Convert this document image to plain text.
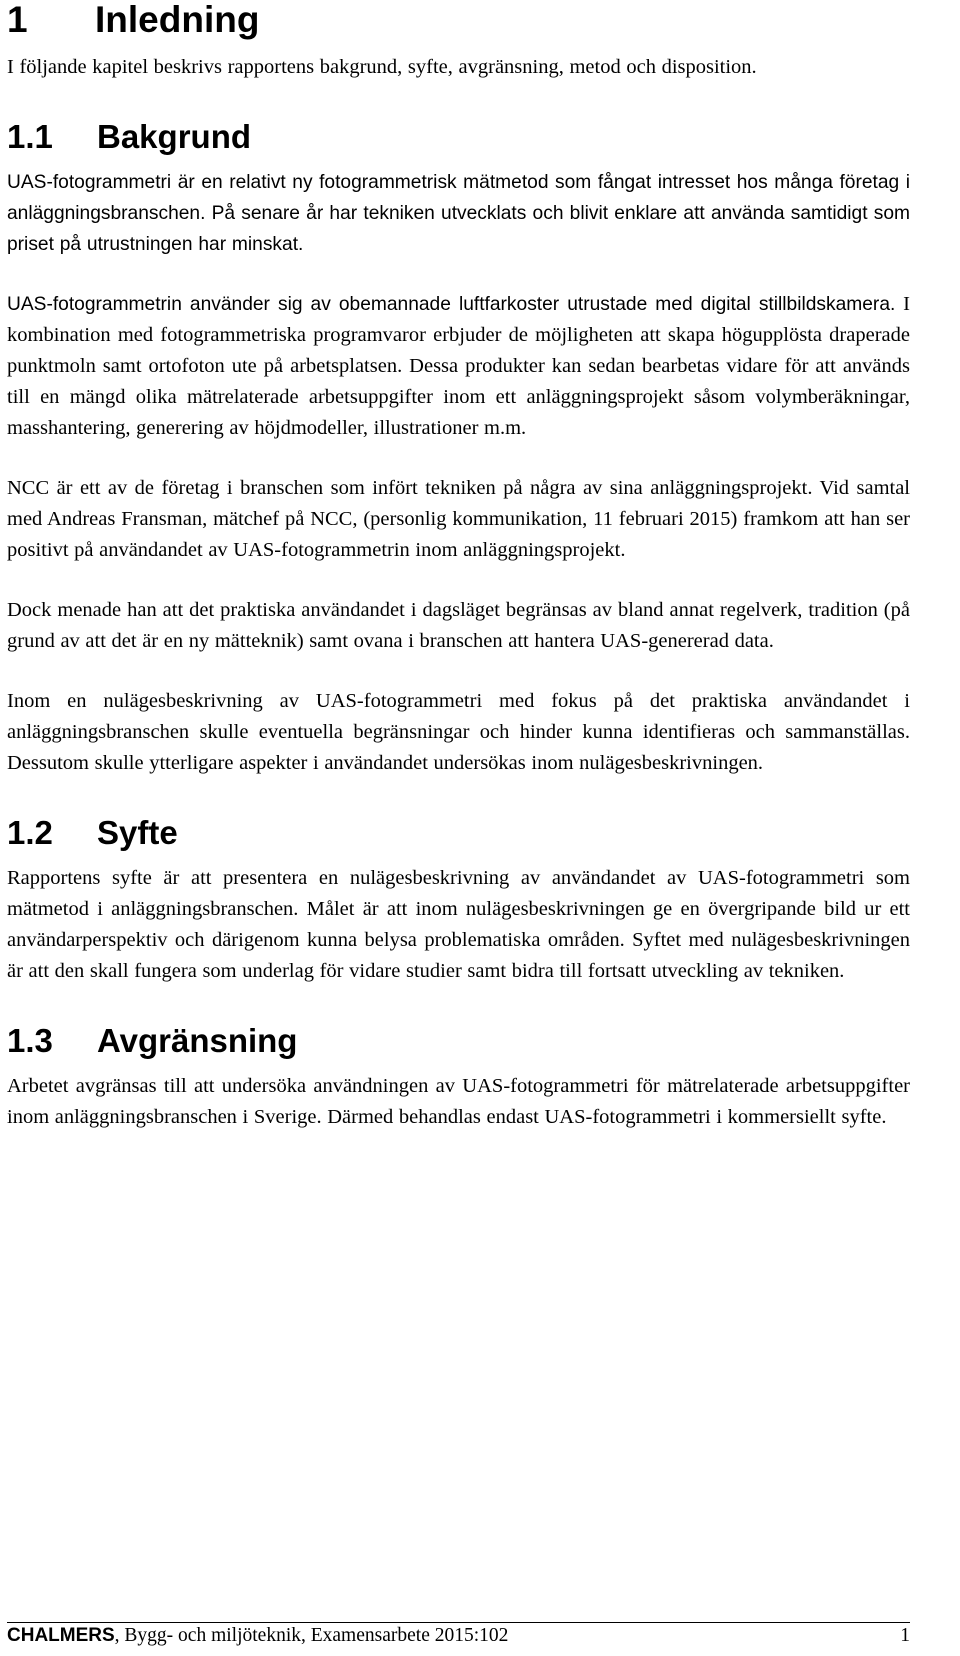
1	Inledning

I följande kapitel beskrivs rapportens bakgrund, syfte, avgränsning, metod och disposition.

1.1	Bakgrund

UAS-fotogrammetri är en relativt ny fotogrammetrisk mätmetod som fångat intresset hos många företag i anläggningsbranschen. På senare år har tekniken utvecklats och blivit enklare att använda samtidigt som priset på utrustningen har minskat.

UAS-fotogrammetrin använder sig av obemannade luftfarkoster utrustade med digital stillbildskamera. I kombination med fotogrammetriska programvaror erbjuder de möjligheten att skapa högupplösta draperade punktmoln samt ortofoton ute på arbetsplatsen. Dessa produkter kan sedan bearbetas vidare för att används till en mängd olika mätrelaterade arbetsuppgifter inom ett anläggningsprojekt såsom volymberäkningar, masshantering, generering av höjdmodeller, illustrationer m.m.

NCC är ett av de företag i branschen som infört tekniken på några av sina anläggningsprojekt. Vid samtal med Andreas Fransman, mätchef på NCC, (personlig kommunikation, 11 februari 2015) framkom att han ser positivt på användandet av UAS-fotogrammetrin inom anläggningsprojekt.

Dock menade han att det praktiska användandet i dagsläget begränsas av bland annat regelverk, tradition (på grund av att det är en ny mätteknik) samt ovana i branschen att hantera UAS-genererad data.

Inom en nulägesbeskrivning av UAS-fotogrammetri med fokus på det praktiska användandet i anläggningsbranschen skulle eventuella begränsningar och hinder kunna identifieras och sammanställas. Dessutom skulle ytterligare aspekter i användandet undersökas inom nulägesbeskrivningen.

1.2	Syfte

Rapportens syfte är att presentera en nulägesbeskrivning av användandet av UAS-fotogrammetri som mätmetod i anläggningsbranschen. Målet är att inom nulägesbeskrivningen ge en övergripande bild ur ett användarperspektiv och därigenom kunna belysa problematiska områden. Syftet med nulägesbeskrivningen är att den skall fungera som underlag för vidare studier samt bidra till fortsatt utveckling av tekniken.

1.3	Avgränsning

Arbetet avgränsas till att undersöka användningen av UAS-fotogrammetri för mätrelaterade arbetsuppgifter inom anläggningsbranschen i Sverige. Därmed behandlas endast UAS-fotogrammetri i kommersiellt syfte.

CHALMERS, Bygg- och miljöteknik, Examensarbete 2015:102	1
